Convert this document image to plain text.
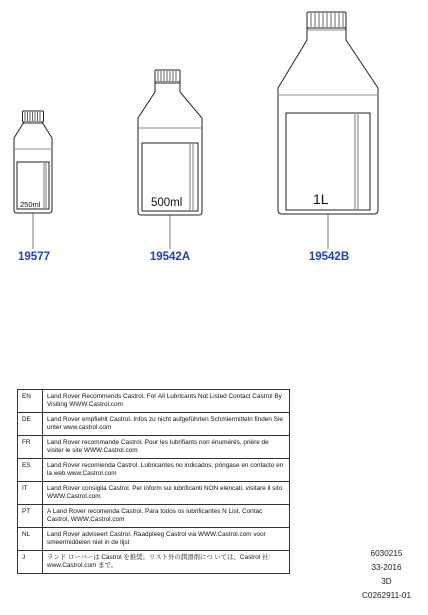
250ml	500ml	1L
19577	19542A	19542B
EN	Land Rover Recommends Castrol. For All Lubricants Not Listed Contact Castrol By Visiting WWW.Castrol.com
DE	Land Rover empfiehlt Castrol. Infos zu nicht aufgeführten Schmiermitteln finden Sie unter www.castrol.com
FR	Land Rover recommande Castrol. Pour les lubrifiants non énumérés, prière de visiter le site WWW.Castrol.com
ES	Land Rover recomienda Castrol. Lubricantes no indicados, póngase en contacto en la web www.Castrol.com
IT	Land Rover consiglia Castrol. Per inform sui lubrificanti NON elencati, visitare il sito WWW.Castrol.com
PT	A Land Rover recomenda Castrol. Para todos os lubrificantes N List, Contac Castrol, WWW.Castrol.com
NL	Land Rover adviseert Castrol. Raadpleeg Castrol via WWW.Castrol.com voor smeermiddelen niet in de lijst
J	ランド ローバーは Castrol を推奨。リスト外の潤滑剤につ いては、Castrol 社: www.Castrol.com まで。
6030215
33-2016
3D
C0262911-01
